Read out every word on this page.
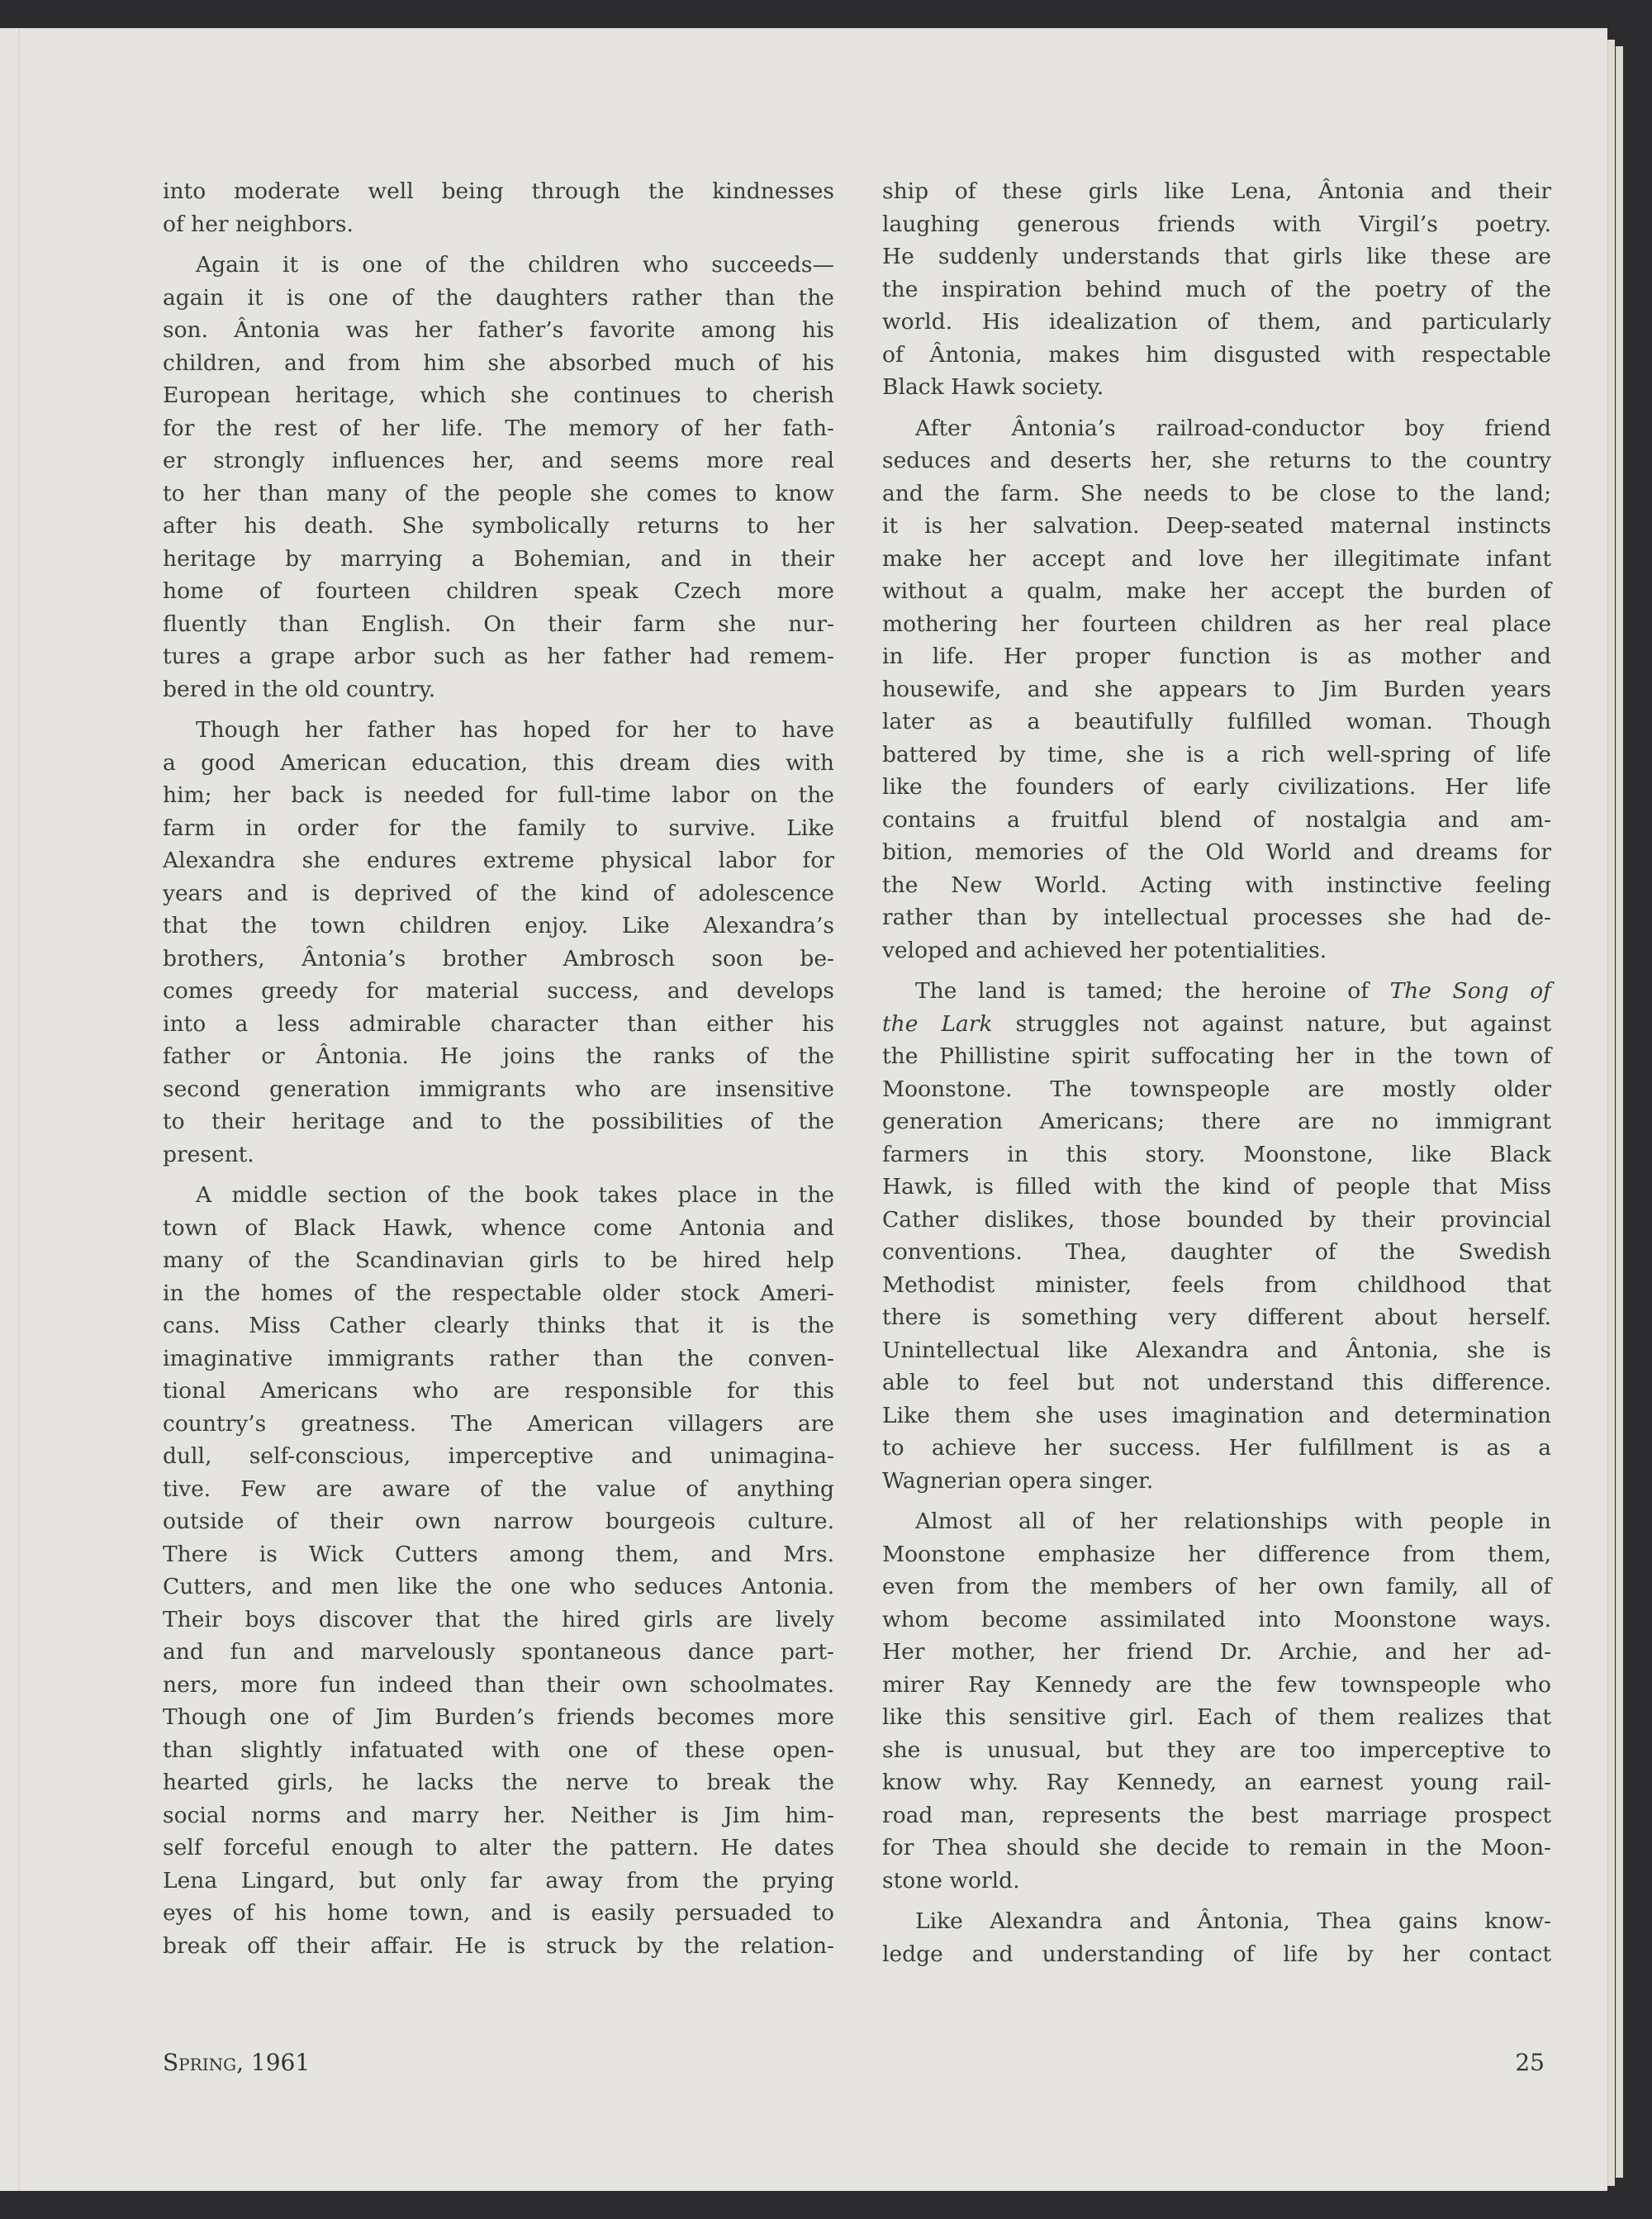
into moderate well being through the kindnesses
of her neighbors.
Again it is one of the children who succeeds—
again it is one of the daughters rather than the
son. Ântonia was her father’s favorite among his
children, and from him she absorbed much of his
European heritage, which she continues to cherish
for the rest of her life. The memory of her fath-
er strongly influences her, and seems more real
to her than many of the people she comes to know
after his death. She symbolically returns to her
heritage by marrying a Bohemian, and in their
home of fourteen children speak Czech more
fluently than English. On their farm she nur-
tures a grape arbor such as her father had remem-
bered in the old country.
Though her father has hoped for her to have
a good American education, this dream dies with
him; her back is needed for full-time labor on the
farm in order for the family to survive. Like
Alexandra she endures extreme physical labor for
years and is deprived of the kind of adolescence
that the town children enjoy. Like Alexandra’s
brothers, Ântonia’s brother Ambrosch soon be-
comes greedy for material success, and develops
into a less admirable character than either his
father or Ântonia. He joins the ranks of the
second generation immigrants who are insensitive
to their heritage and to the possibilities of the
present.
A middle section of the book takes place in the
town of Black Hawk, whence come Antonia and
many of the Scandinavian girls to be hired help
in the homes of the respectable older stock Ameri-
cans. Miss Cather clearly thinks that it is the
imaginative immigrants rather than the conven-
tional Americans who are responsible for this
country’s greatness. The American villagers are
dull, self-conscious, imperceptive and unimagina-
tive. Few are aware of the value of anything
outside of their own narrow bourgeois culture.
There is Wick Cutters among them, and Mrs.
Cutters, and men like the one who seduces Antonia.
Their boys discover that the hired girls are lively
and fun and marvelously spontaneous dance part-
ners, more fun indeed than their own schoolmates.
Though one of Jim Burden’s friends becomes more
than slightly infatuated with one of these open-
hearted girls, he lacks the nerve to break the
social norms and marry her. Neither is Jim him-
self forceful enough to alter the pattern. He dates
Lena Lingard, but only far away from the prying
eyes of his home town, and is easily persuaded to
break off their affair. He is struck by the relation-
ship of these girls like Lena, Ântonia and their
laughing generous friends with Virgil’s poetry.
He suddenly understands that girls like these are
the inspiration behind much of the poetry of the
world. His idealization of them, and particularly
of Ântonia, makes him disgusted with respectable
Black Hawk society.
After Ântonia’s railroad-conductor boy friend
seduces and deserts her, she returns to the country
and the farm. She needs to be close to the land;
it is her salvation. Deep-seated maternal instincts
make her accept and love her illegitimate infant
without a qualm, make her accept the burden of
mothering her fourteen children as her real place
in life. Her proper function is as mother and
housewife, and she appears to Jim Burden years
later as a beautifully fulfilled woman. Though
battered by time, she is a rich well-spring of life
like the founders of early civilizations. Her life
contains a fruitful blend of nostalgia and am-
bition, memories of the Old World and dreams for
the New World. Acting with instinctive feeling
rather than by intellectual processes she had de-
veloped and achieved her potentialities.
The land is tamed; the heroine of The Song of
the Lark struggles not against nature, but against
the Phillistine spirit suffocating her in the town of
Moonstone. The townspeople are mostly older
generation Americans; there are no immigrant
farmers in this story. Moonstone, like Black
Hawk, is filled with the kind of people that Miss
Cather dislikes, those bounded by their provincial
conventions. Thea, daughter of the Swedish
Methodist minister, feels from childhood that
there is something very different about herself.
Unintellectual like Alexandra and Ântonia, she is
able to feel but not understand this difference.
Like them she uses imagination and determination
to achieve her success. Her fulfillment is as a
Wagnerian opera singer.
Almost all of her relationships with people in
Moonstone emphasize her difference from them,
even from the members of her own family, all of
whom become assimilated into Moonstone ways.
Her mother, her friend Dr. Archie, and her ad-
mirer Ray Kennedy are the few townspeople who
like this sensitive girl. Each of them realizes that
she is unusual, but they are too imperceptive to
know why. Ray Kennedy, an earnest young rail-
road man, represents the best marriage prospect
for Thea should she decide to remain in the Moon-
stone world.
Like Alexandra and Ântonia, Thea gains know-
ledge and understanding of life by her contact
Spring, 1961	25
